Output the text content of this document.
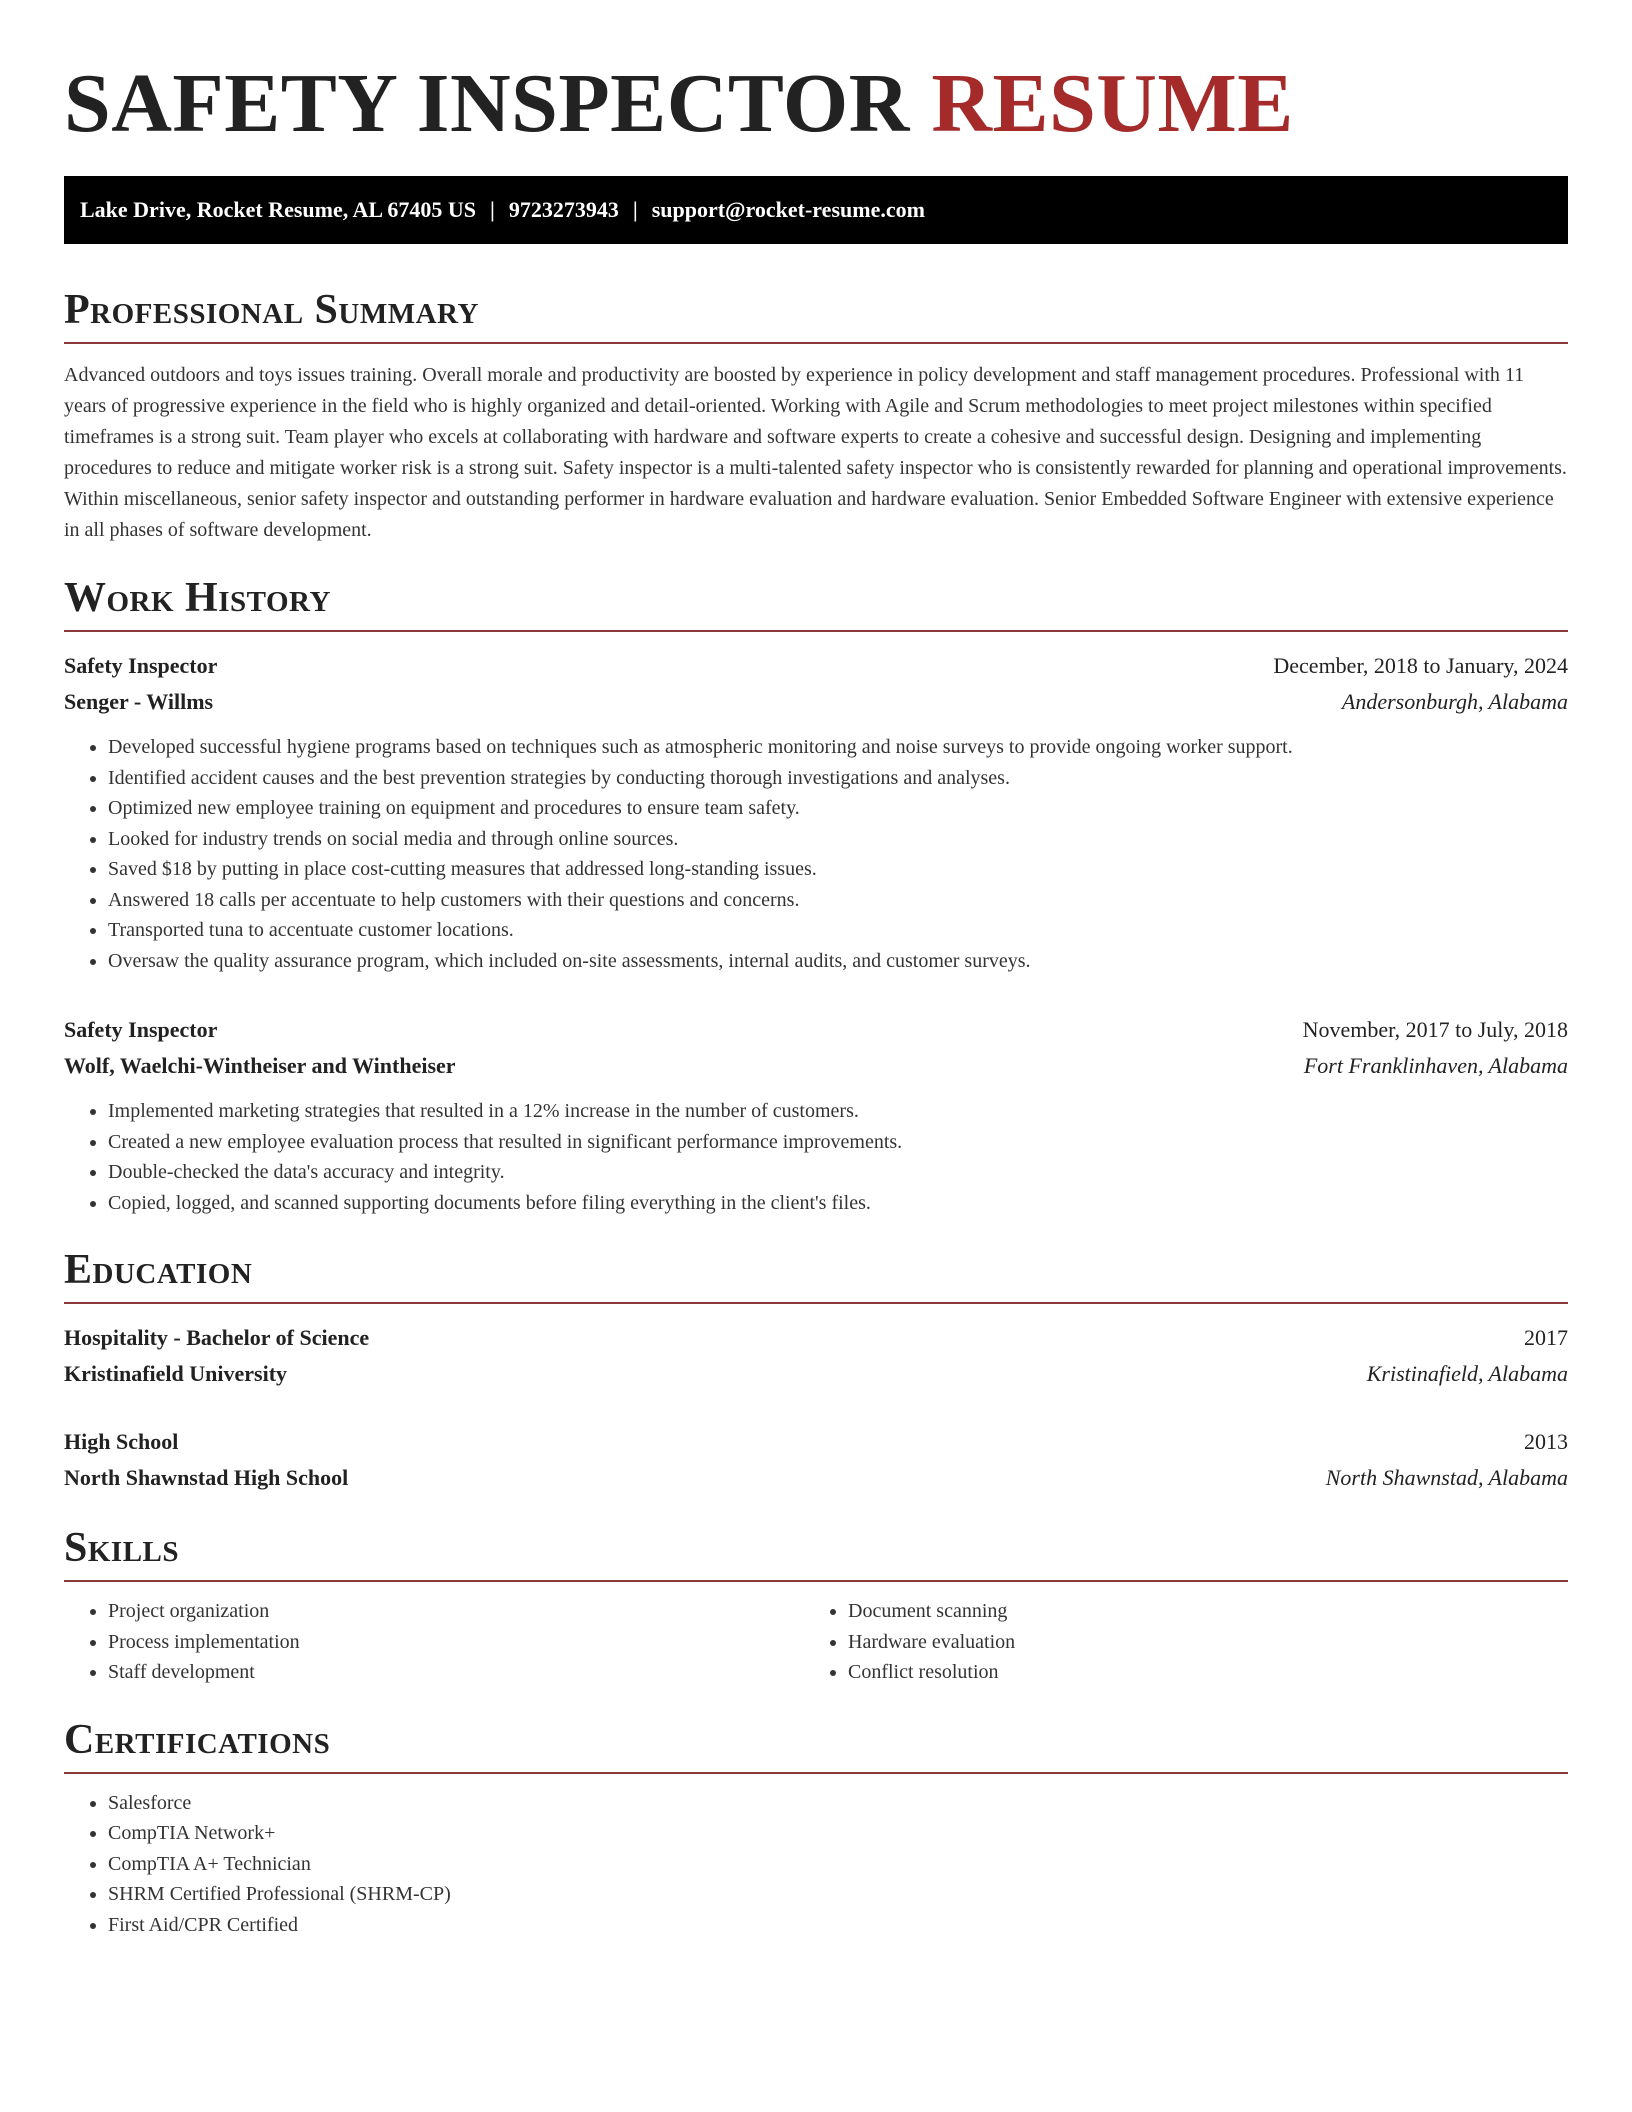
SAFETY INSPECTOR RESUME
Lake Drive, Rocket Resume, AL 67405 US | 9723273943 | support@rocket-resume.com
Professional Summary

Advanced outdoors and toys issues training. Overall morale and productivity are boosted by experience in policy development and staff management procedures. Professional with 11 years of progressive experience in the field who is highly organized and detail-oriented. Working with Agile and Scrum methodologies to meet project milestones within specified timeframes is a strong suit. Team player who excels at collaborating with hardware and software experts to create a cohesive and successful design. Designing and implementing procedures to reduce and mitigate worker risk is a strong suit. Safety inspector is a multi-talented safety inspector who is consistently rewarded for planning and operational improvements. Within miscellaneous, senior safety inspector and outstanding performer in hardware evaluation and hardware evaluation. Senior Embedded Software Engineer with extensive experience in all phases of software development.

Work History
Safety Inspector	December, 2018 to January, 2024
Senger - Willms	Andersonburgh, Alabama
• Developed successful hygiene programs based on techniques such as atmospheric monitoring and noise surveys to provide ongoing worker support.
• Identified accident causes and the best prevention strategies by conducting thorough investigations and analyses.
• Optimized new employee training on equipment and procedures to ensure team safety.
• Looked for industry trends on social media and through online sources.
• Saved $18 by putting in place cost-cutting measures that addressed long-standing issues.
• Answered 18 calls per accentuate to help customers with their questions and concerns.
• Transported tuna to accentuate customer locations.
• Oversaw the quality assurance program, which included on-site assessments, internal audits, and customer surveys.
Safety Inspector	November, 2017 to July, 2018
Wolf, Waelchi-Wintheiser and Wintheiser	Fort Franklinhaven, Alabama
• Implemented marketing strategies that resulted in a 12% increase in the number of customers.
• Created a new employee evaluation process that resulted in significant performance improvements.
• Double-checked the data's accuracy and integrity.
• Copied, logged, and scanned supporting documents before filing everything in the client's files.
Education
Hospitality - Bachelor of Science	2017
Kristinafield University	Kristinafield, Alabama
High School	2013
North Shawnstad High School	North Shawnstad, Alabama
Skills
• Project organization
• Process implementation
• Staff development
• Document scanning
• Hardware evaluation
• Conflict resolution
Certifications
• Salesforce
• CompTIA Network+
• CompTIA A+ Technician
• SHRM Certified Professional (SHRM-CP)
• First Aid/CPR Certified
